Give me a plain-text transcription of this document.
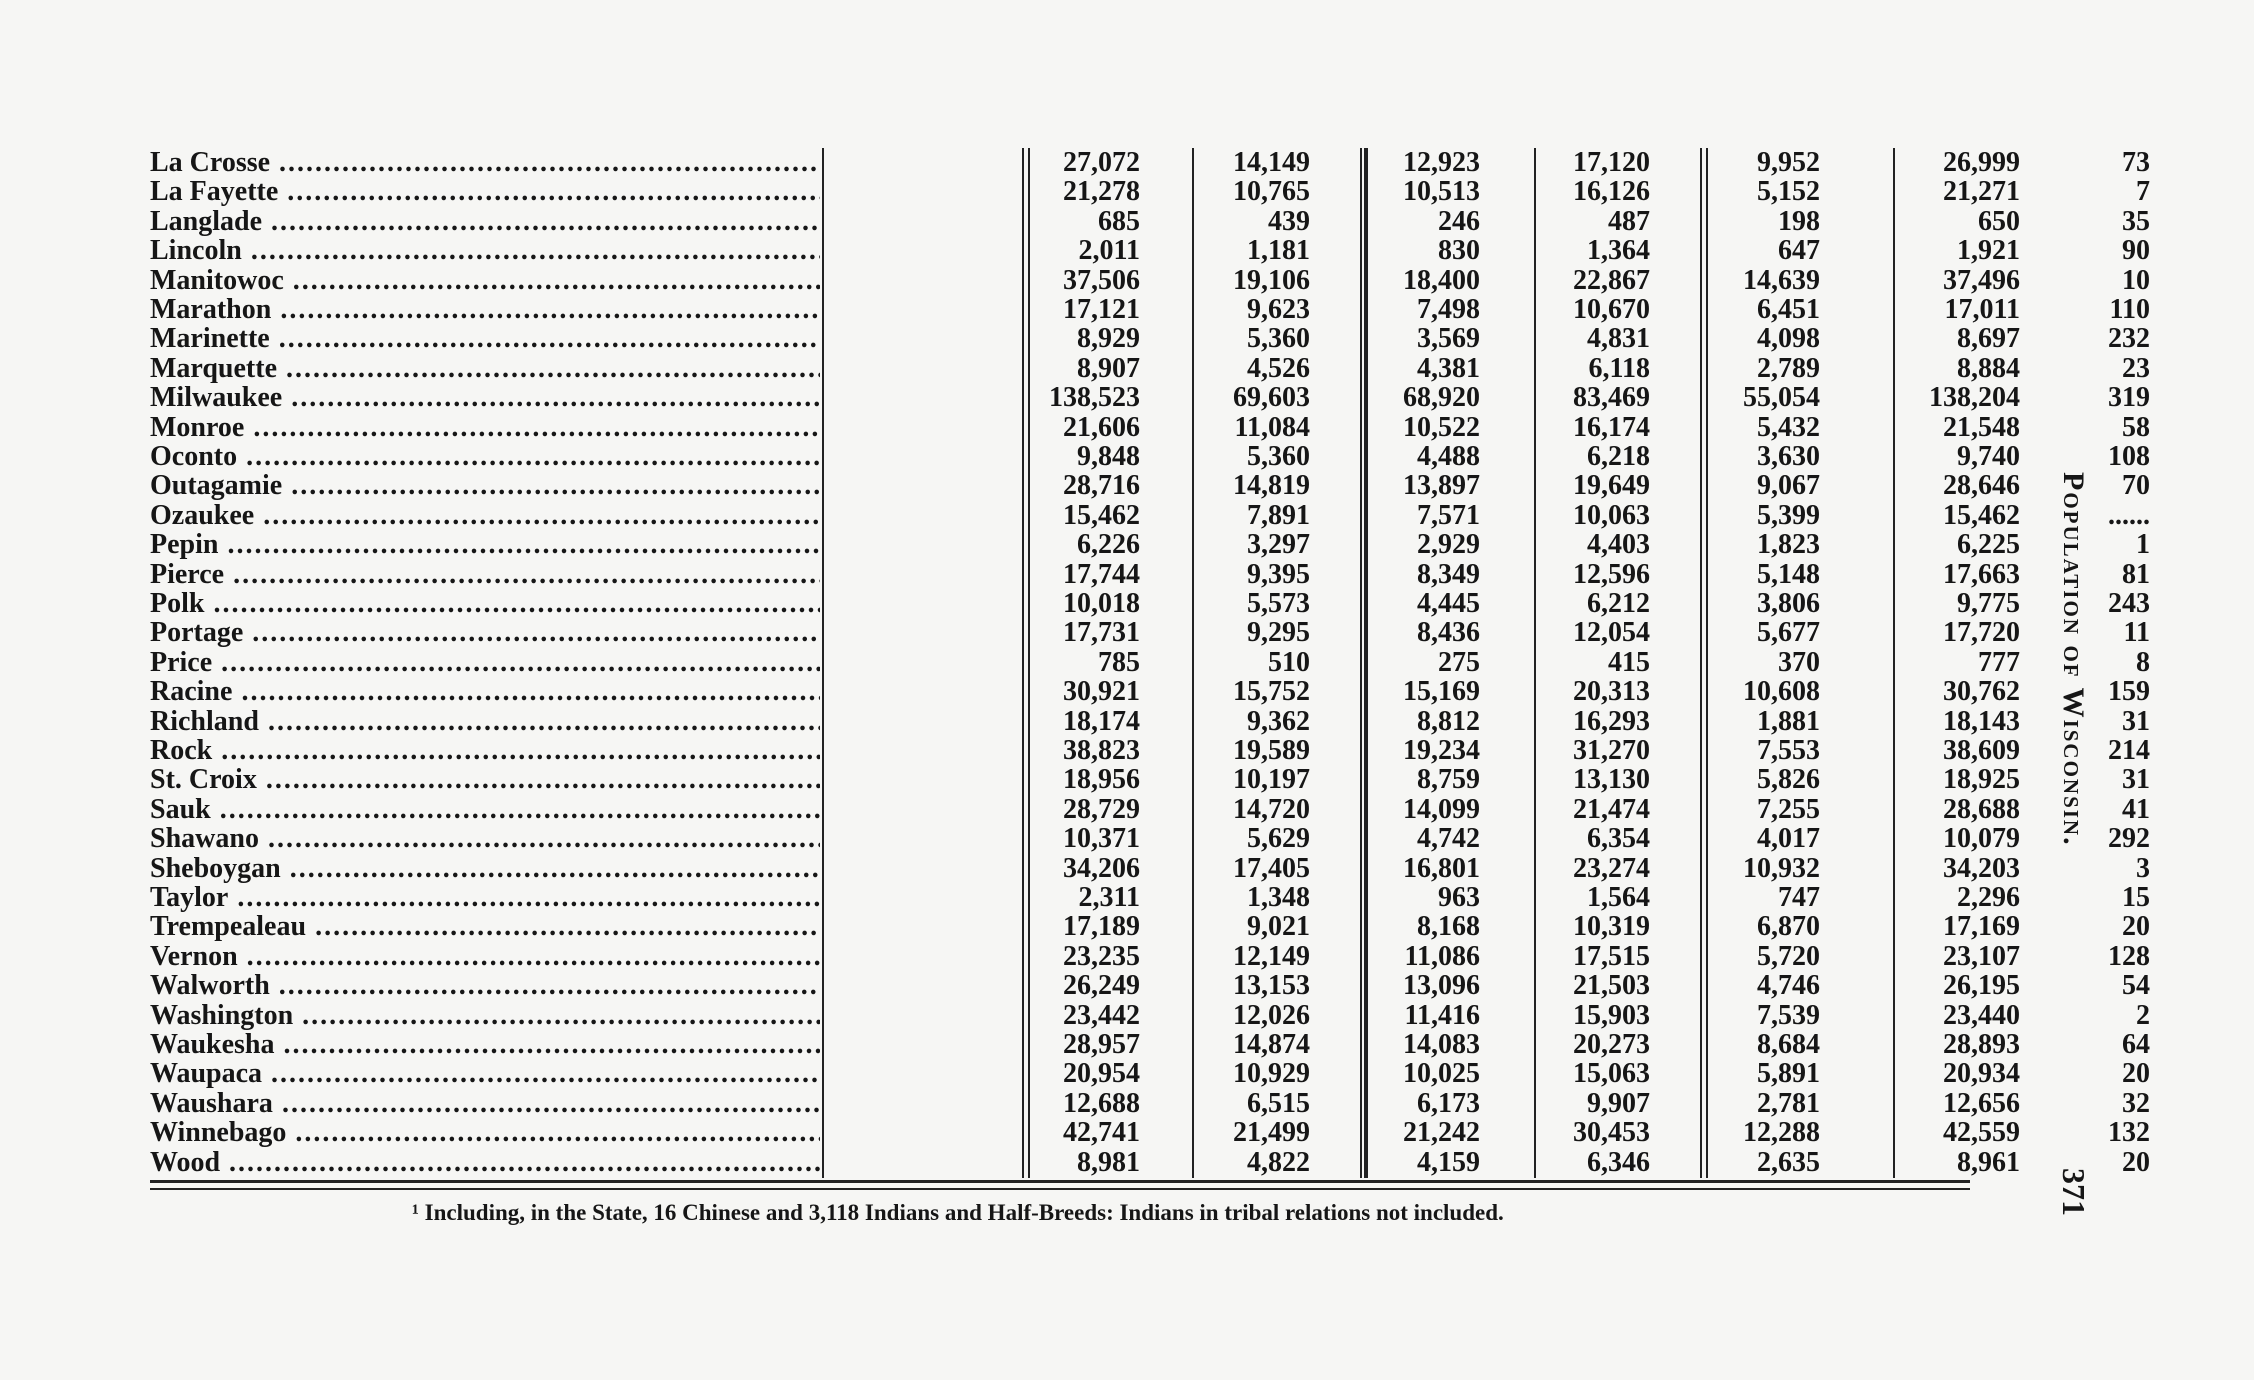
La Crosse .....	27,072	14,149	12,923	17,120	9,952	26,999	73
La Fayette .....	21,278	10,765	10,513	16,126	5,152	21,271	7
Langlade .....	685	439	246	487	198	650	35
Lincoln .....	2,011	1,181	830	1,364	647	1,921	90
Manitowoc .....	37,506	19,106	18,400	22,867	14,639	37,496	10
Marathon .....	17,121	9,623	7,498	10,670	6,451	17,011	110
Marinette .....	8,929	5,360	3,569	4,831	4,098	8,697	232
Marquette .....	8,907	4,526	4,381	6,118	2,789	8,884	23
Milwaukee .....	138,523	69,603	68,920	83,469	55,054	138,204	319
Monroe .....	21,606	11,084	10,522	16,174	5,432	21,548	58
Oconto .....	9,848	5,360	4,488	6,218	3,630	9,740	108
Outagamie .....	28,716	14,819	13,897	19,649	9,067	28,646	70
Ozaukee .....	15,462	7,891	7,571	10,063	5,399	15,462	......
Pepin .....	6,226	3,297	2,929	4,403	1,823	6,225	1
Pierce .....	17,744	9,395	8,349	12,596	5,148	17,663	81
Polk .....	10,018	5,573	4,445	6,212	3,806	9,775	243
Portage .....	17,731	9,295	8,436	12,054	5,677	17,720	11
Price .....	785	510	275	415	370	777	8
Racine .....	30,921	15,752	15,169	20,313	10,608	30,762	159
Richland .....	18,174	9,362	8,812	16,293	1,881	18,143	31
Rock .....	38,823	19,589	19,234	31,270	7,553	38,609	214
St. Croix .....	18,956	10,197	8,759	13,130	5,826	18,925	31
Sauk .....	28,729	14,720	14,099	21,474	7,255	28,688	41
Shawano .....	10,371	5,629	4,742	6,354	4,017	10,079	292
Sheboygan .....	34,206	17,405	16,801	23,274	10,932	34,203	3
Taylor .....	2,311	1,348	963	1,564	747	2,296	15
Trempealeau .....	17,189	9,021	8,168	10,319	6,870	17,169	20
Vernon .....	23,235	12,149	11,086	17,515	5,720	23,107	128
Walworth .....	26,249	13,153	13,096	21,503	4,746	26,195	54
Washington .....	23,442	12,026	11,416	15,903	7,539	23,440	2
Waukesha .....	28,957	14,874	14,083	20,273	8,684	28,893	64
Waupaca .....	20,954	10,929	10,025	15,063	5,891	20,934	20
Waushara .....	12,688	6,515	6,173	9,907	2,781	12,656	32
Winnebago .....	42,741	21,499	21,242	30,453	12,288	42,559	132
Wood .....	8,981	4,822	4,159	6,346	2,635	8,961	20
¹ Including, in the State, 16 Chinese and 3,118 Indians and Half-Breeds: Indians in tribal relations not included.
Population of Wisconsin.
371
